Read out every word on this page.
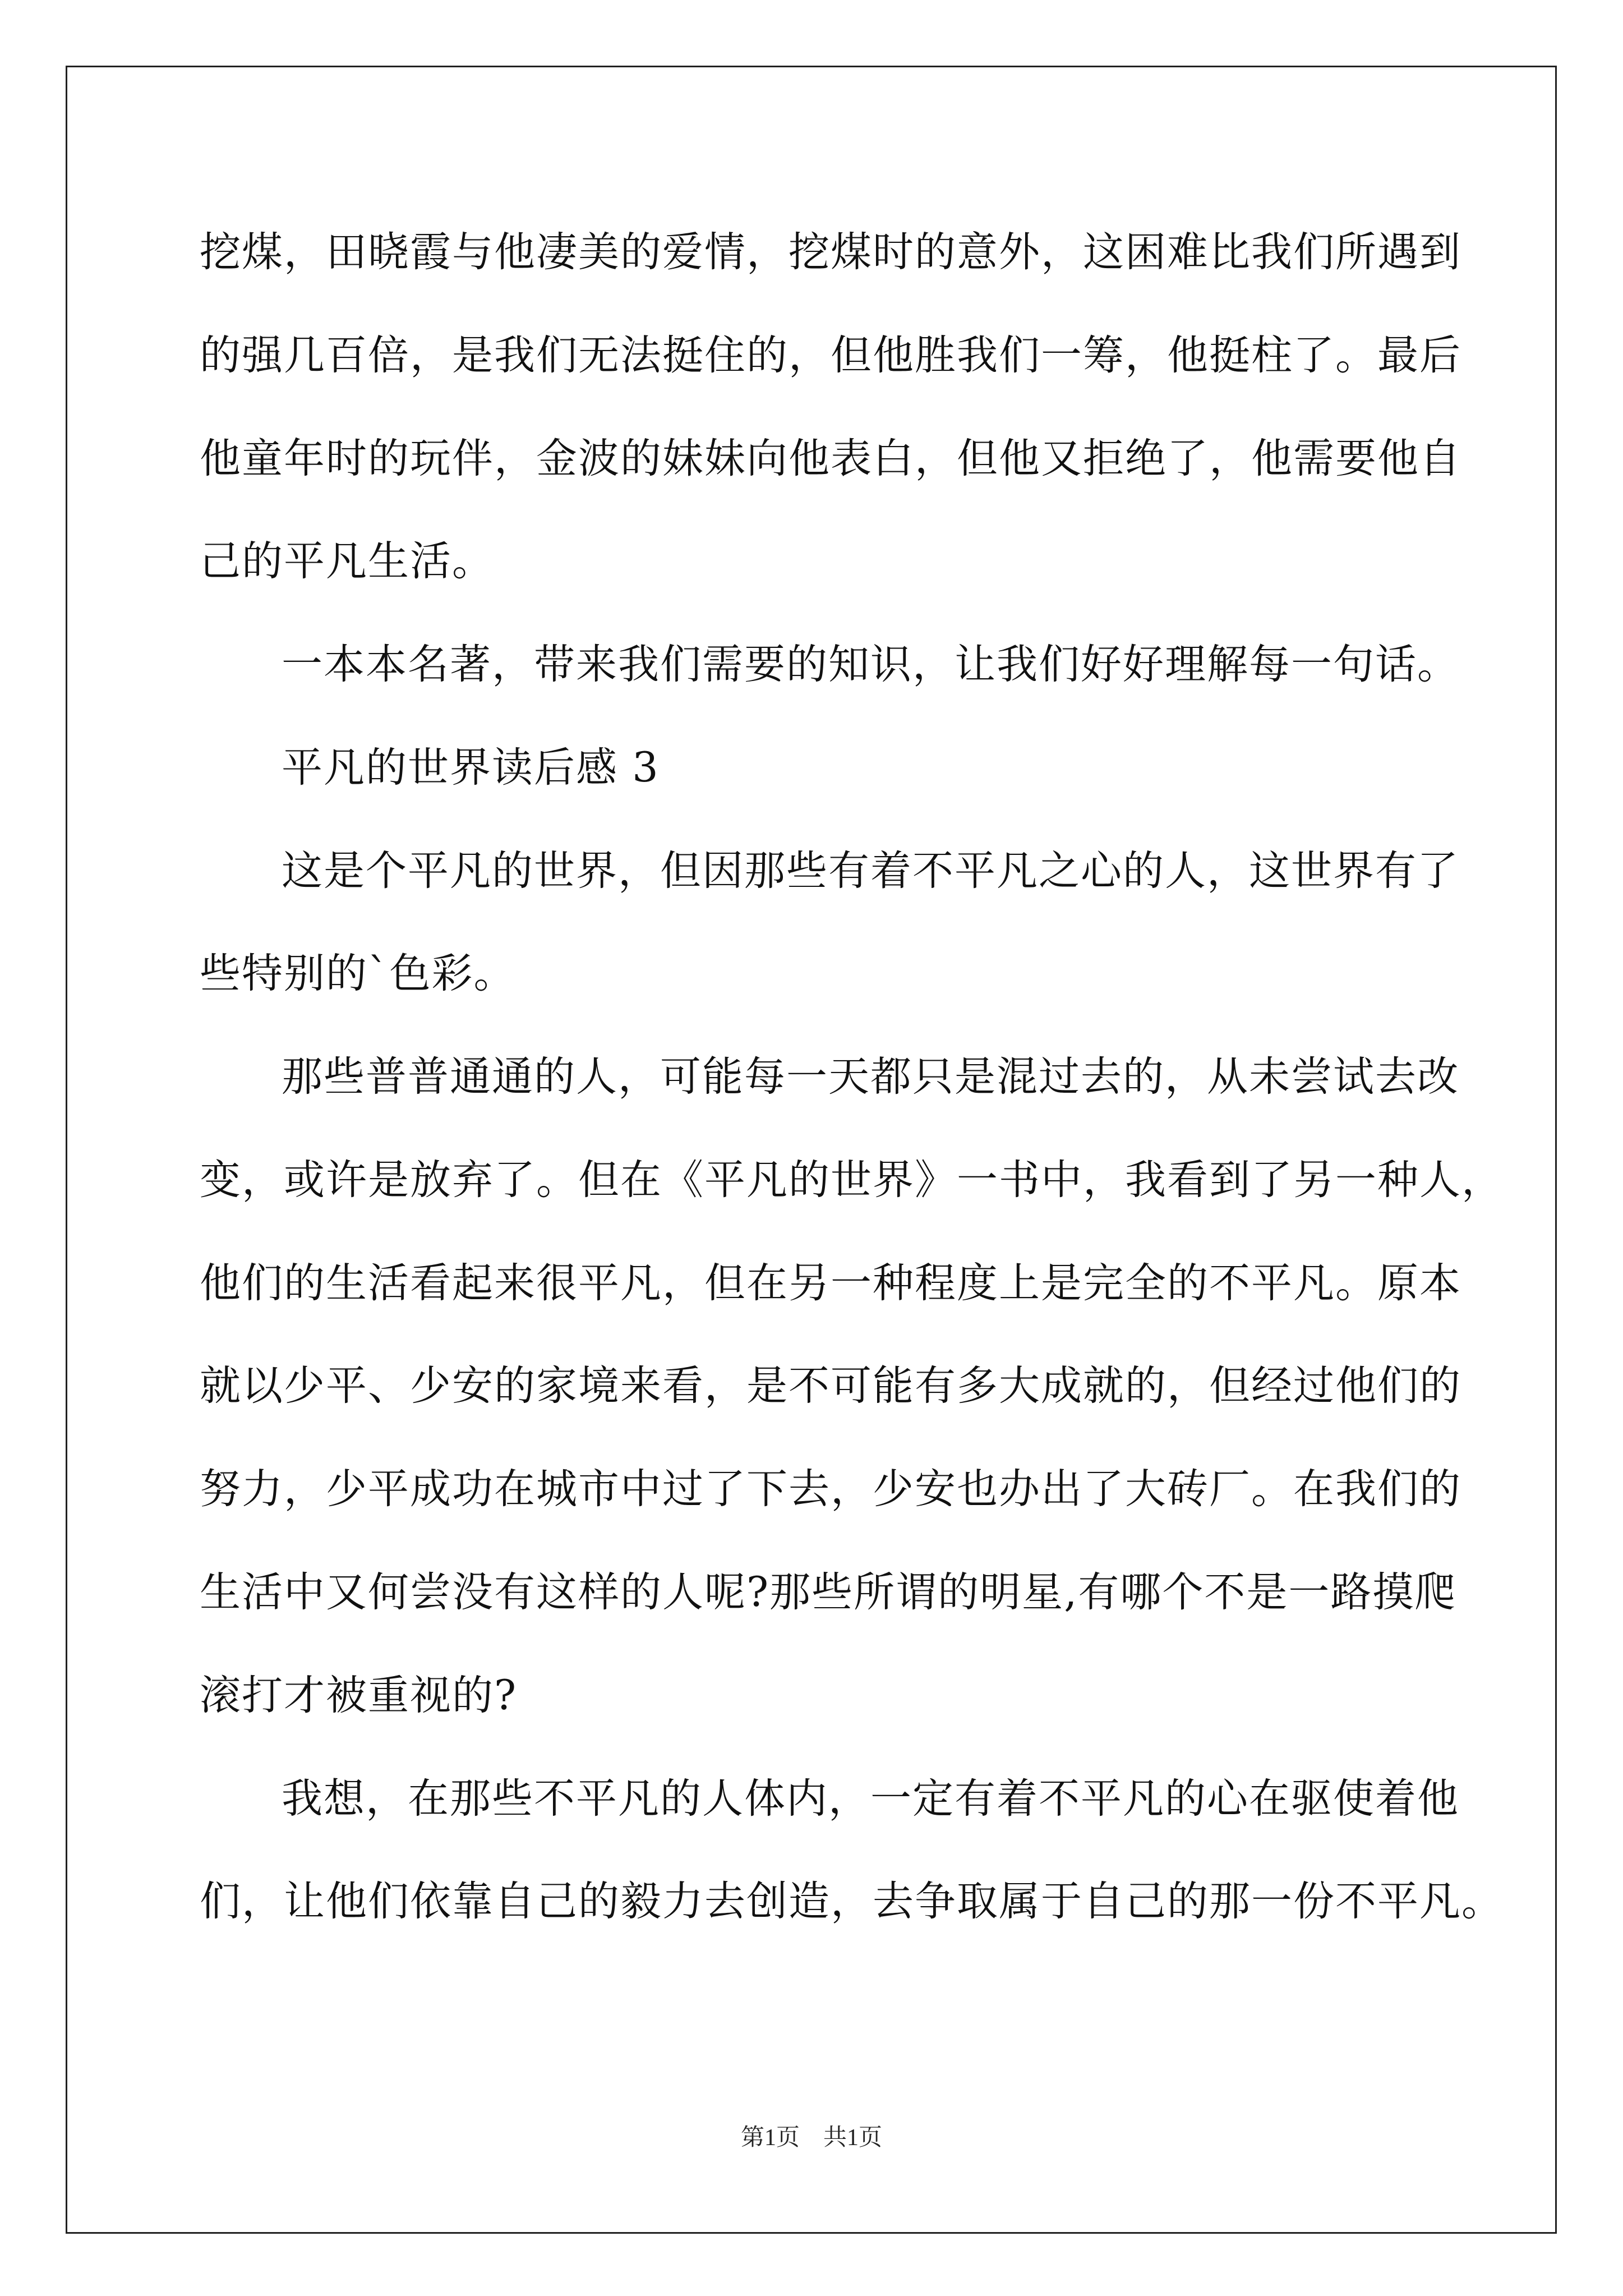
挖煤，田晓霞与他凄美的爱情，挖煤时的意外，这困难比我们所遇到
的强几百倍，是我们无法挺住的，但他胜我们一筹，他挺柱了。最后
他童年时的玩伴，金波的妹妹向他表白，但他又拒绝了，他需要他自
己的平凡生活。
一本本名著，带来我们需要的知识，让我们好好理解每一句话。
平凡的世界读后感 3
这是个平凡的世界，但因那些有着不平凡之心的人，这世界有了
些特别的`色彩。
那些普普通通的人，可能每一天都只是混过去的，从未尝试去改
变，或许是放弃了。但在《平凡的世界》一书中，我看到了另一种人，
他们的生活看起来很平凡，但在另一种程度上是完全的不平凡。原本
就以少平、少安的家境来看，是不可能有多大成就的，但经过他们的
努力，少平成功在城市中过了下去，少安也办出了大砖厂。在我们的
生活中又何尝没有这样的人呢?那些所谓的明星,有哪个不是一路摸爬
滚打才被重视的?
我想，在那些不平凡的人体内，一定有着不平凡的心在驱使着他
们，让他们依靠自己的毅力去创造，去争取属于自己的那一份不平凡。
第1页　共1页
